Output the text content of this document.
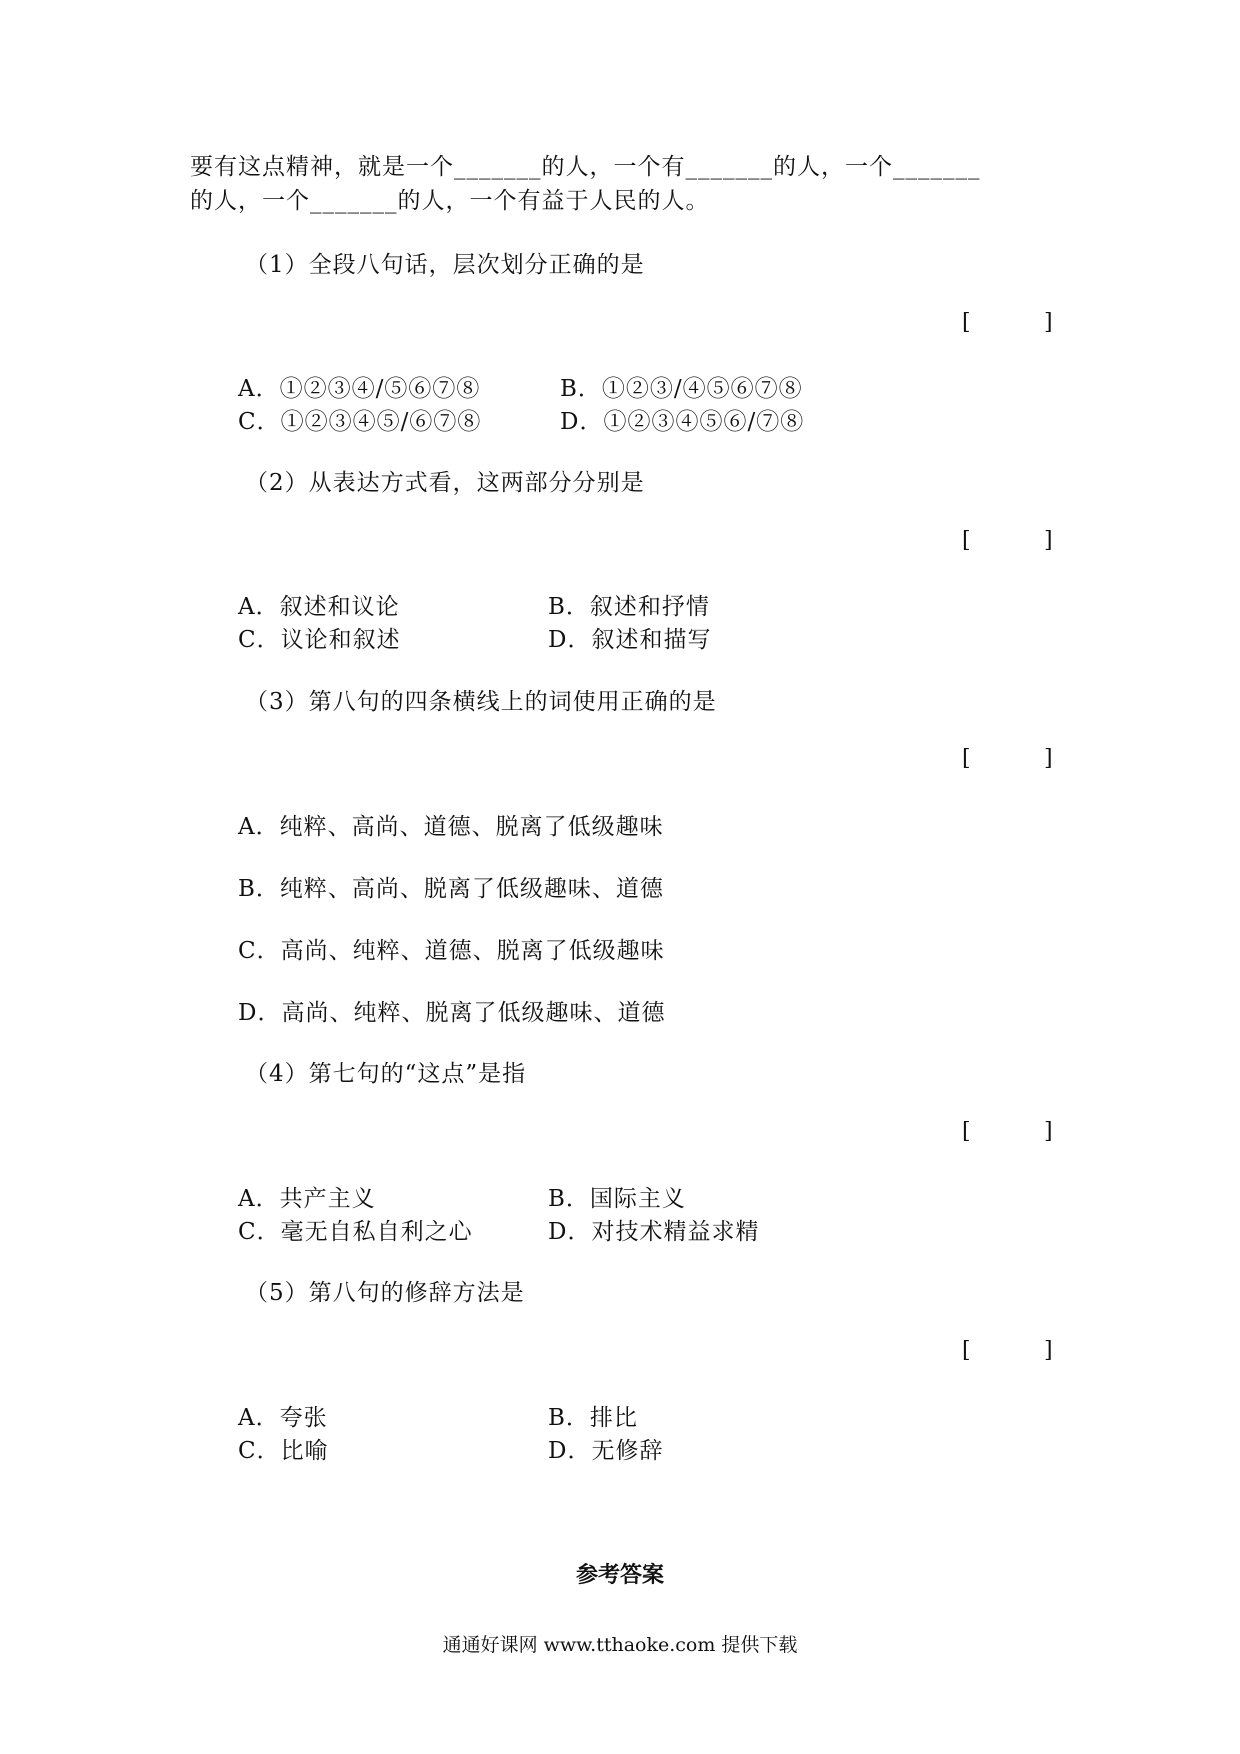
要有这点精神，就是一个_______的人，一个有_______的人，一个_______
的人，一个_______的人，一个有益于人民的人。
（1）全段八句话，层次划分正确的是
[	]
A．①②③④/⑤⑥⑦⑧	B．①②③/④⑤⑥⑦⑧
C．①②③④⑤/⑥⑦⑧	D．①②③④⑤⑥/⑦⑧
（2）从表达方式看，这两部分分别是
[	]
A．叙述和议论	B．叙述和抒情
C．议论和叙述	D．叙述和描写
（3）第八句的四条横线上的词使用正确的是
[	]
A．纯粹、高尚、道德、脱离了低级趣味
B．纯粹、高尚、脱离了低级趣味、道德
C．高尚、纯粹、道德、脱离了低级趣味
D．高尚、纯粹、脱离了低级趣味、道德
（4）第七句的“这点”是指
[	]
A．共产主义	B．国际主义
C．毫无自私自利之心	D．对技术精益求精
（5）第八句的修辞方法是
[	]
A．夸张	B．排比
C．比喻	D．无修辞
参考答案
通通好课网 www.tthaoke.com 提供下载
